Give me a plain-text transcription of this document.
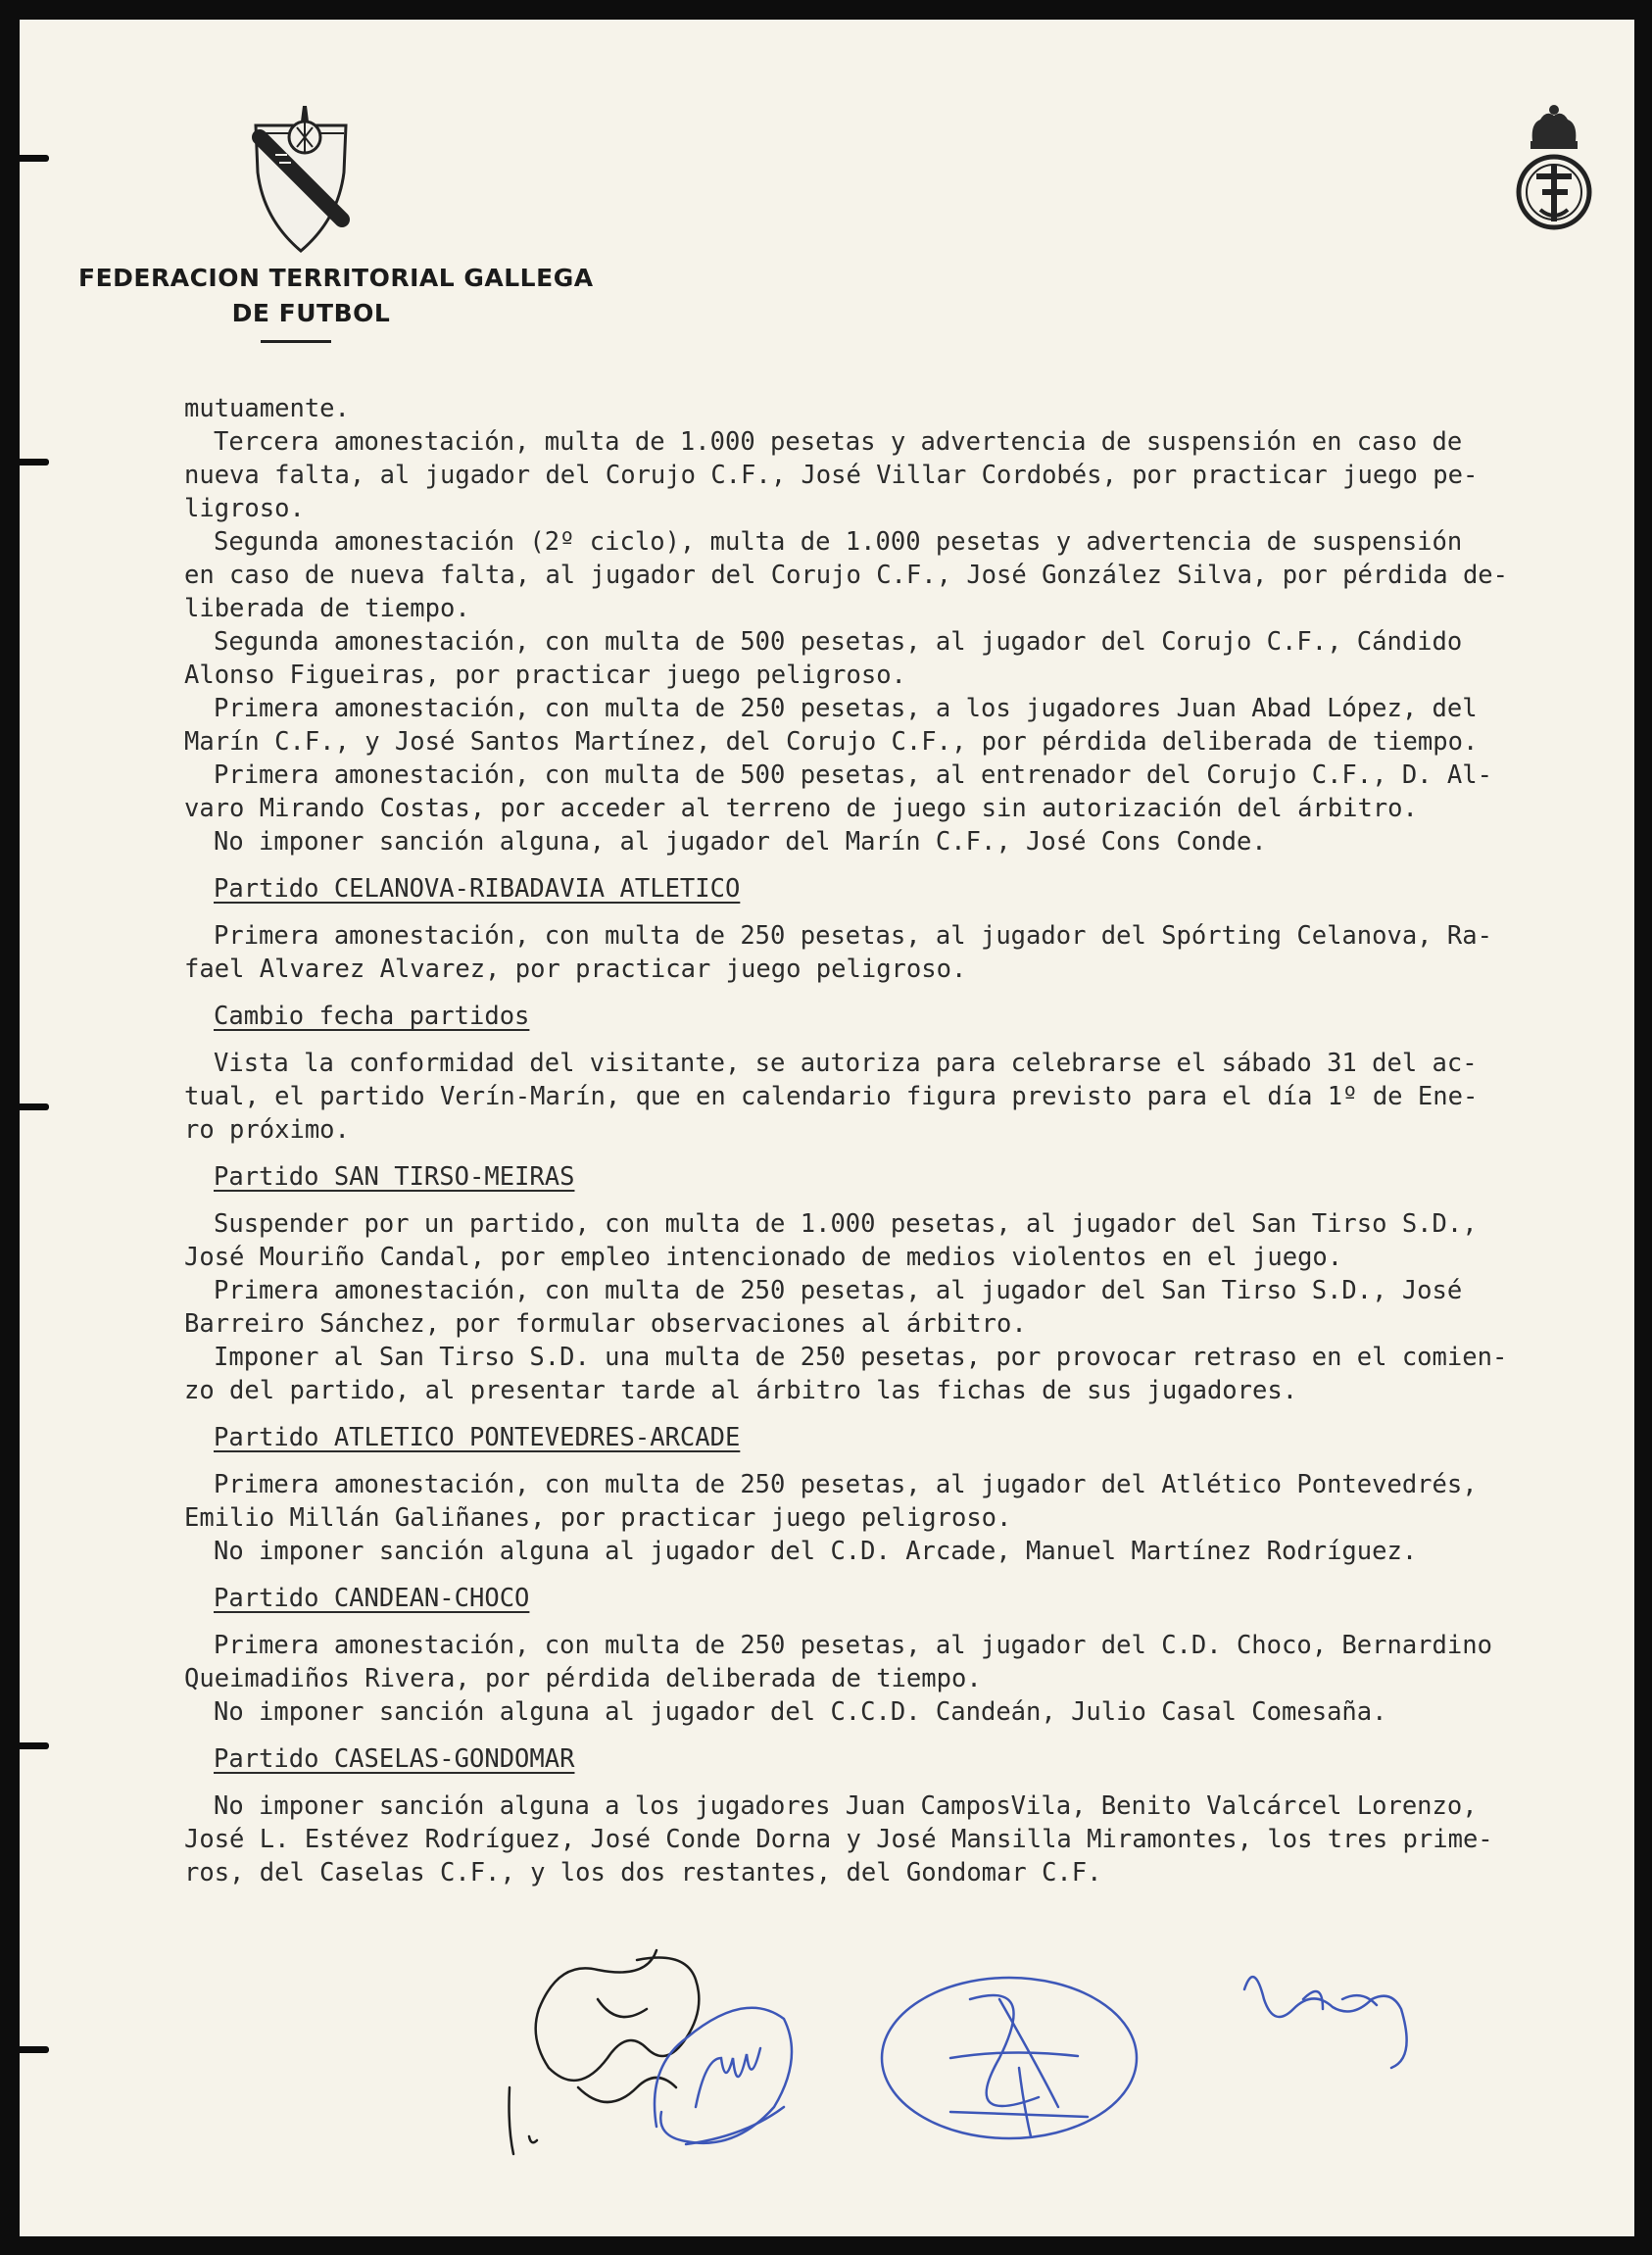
FEDERACION TERRITORIAL GALLEGA
DE FUTBOL
mutuamente.
Tercera amonestación, multa de 1.000 pesetas y advertencia de suspensión en caso de
nueva falta, al jugador del Corujo C.F., José Villar Cordobés, por practicar juego pe-
ligroso.
Segunda amonestación (2º ciclo), multa de 1.000 pesetas y advertencia de suspensión
en caso de nueva falta, al jugador del Corujo C.F., José González Silva, por pérdida de-
liberada de tiempo.
Segunda amonestación, con multa de 500 pesetas, al jugador del Corujo C.F., Cándido
Alonso Figueiras, por practicar juego peligroso.
Primera amonestación, con multa de 250 pesetas, a los jugadores Juan Abad López, del
Marín C.F., y José Santos Martínez, del Corujo C.F., por pérdida deliberada de tiempo.
Primera amonestación, con multa de 500 pesetas, al entrenador del Corujo C.F., D. Al-
varo Mirando Costas, por acceder al terreno de juego sin autorización del árbitro.
No imponer sanción alguna, al jugador del Marín C.F., José Cons Conde.
Partido CELANOVA-RIBADAVIA ATLETICO
Primera amonestación, con multa de 250 pesetas, al jugador del Spórting Celanova, Ra-
fael Alvarez Alvarez, por practicar juego peligroso.
Cambio fecha partidos
Vista la conformidad del visitante, se autoriza para celebrarse el sábado 31 del ac-
tual, el partido Verín-Marín, que en calendario figura previsto para el día 1º de Ene-
ro próximo.
Partido SAN TIRSO-MEIRAS
Suspender por un partido, con multa de 1.000 pesetas, al jugador del San Tirso S.D.,
José Mouriño Candal, por empleo intencionado de medios violentos en el juego.
Primera amonestación, con multa de 250 pesetas, al jugador del San Tirso S.D., José
Barreiro Sánchez, por formular observaciones al árbitro.
Imponer al San Tirso S.D. una multa de 250 pesetas, por provocar retraso en el comien-
zo del partido, al presentar tarde al árbitro las fichas de sus jugadores.
Partido ATLETICO PONTEVEDRES-ARCADE
Primera amonestación, con multa de 250 pesetas, al jugador del Atlético Pontevedrés,
Emilio Millán Galiñanes, por practicar juego peligroso.
No imponer sanción alguna al jugador del C.D. Arcade, Manuel Martínez Rodríguez.
Partido CANDEAN-CHOCO
Primera amonestación, con multa de 250 pesetas, al jugador del C.D. Choco, Bernardino
Queimadiños Rivera, por pérdida deliberada de tiempo.
No imponer sanción alguna al jugador del C.C.D. Candeán, Julio Casal Comesaña.
Partido CASELAS-GONDOMAR
No imponer sanción alguna a los jugadores Juan CamposVila, Benito Valcárcel Lorenzo,
José L. Estévez Rodríguez, José Conde Dorna y José Mansilla Miramontes, los tres prime-
ros, del Caselas C.F., y los dos restantes, del Gondomar C.F.
